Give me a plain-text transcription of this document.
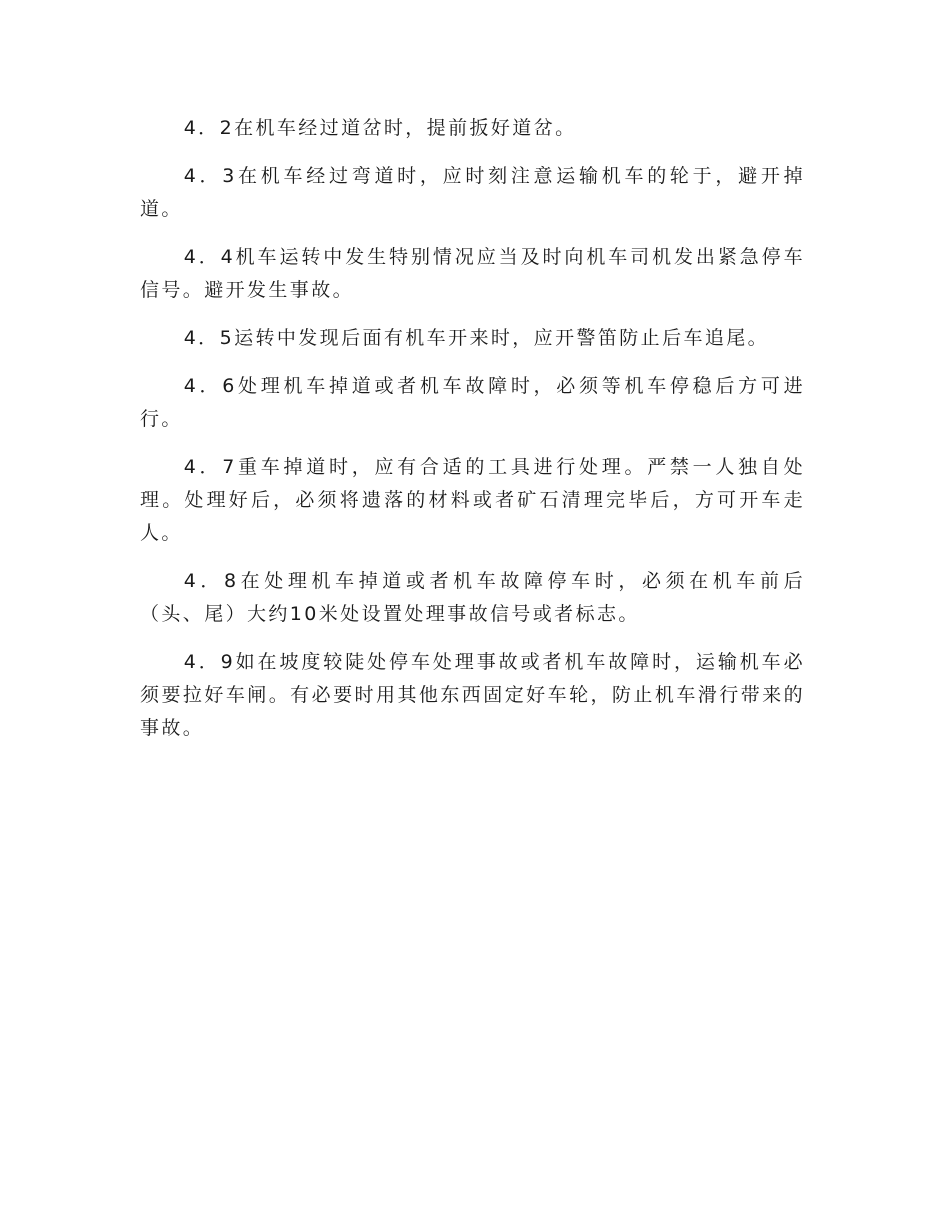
4．2在机车经过道岔时，提前扳好道岔。

4．3在机车经过弯道时，应时刻注意运输机车的轮于，避开掉道。

4．4机车运转中发生特别情况应当及时向机车司机发出紧急停车信号。避开发生事故。

4．5运转中发现后面有机车开来时，应开警笛防止后车追尾。

4．6处理机车掉道或者机车故障时，必须等机车停稳后方可进行。

4．7重车掉道时，应有合适的工具进行处理。严禁一人独自处理。处理好后，必须将遗落的材料或者矿石清理完毕后，方可开车走人。

4．8在处理机车掉道或者机车故障停车时，必须在机车前后（头、尾）大约10米处设置处理事故信号或者标志。

4．9如在坡度较陡处停车处理事故或者机车故障时，运输机车必须要拉好车闸。有必要时用其他东西固定好车轮，防止机车滑行带来的事故。
